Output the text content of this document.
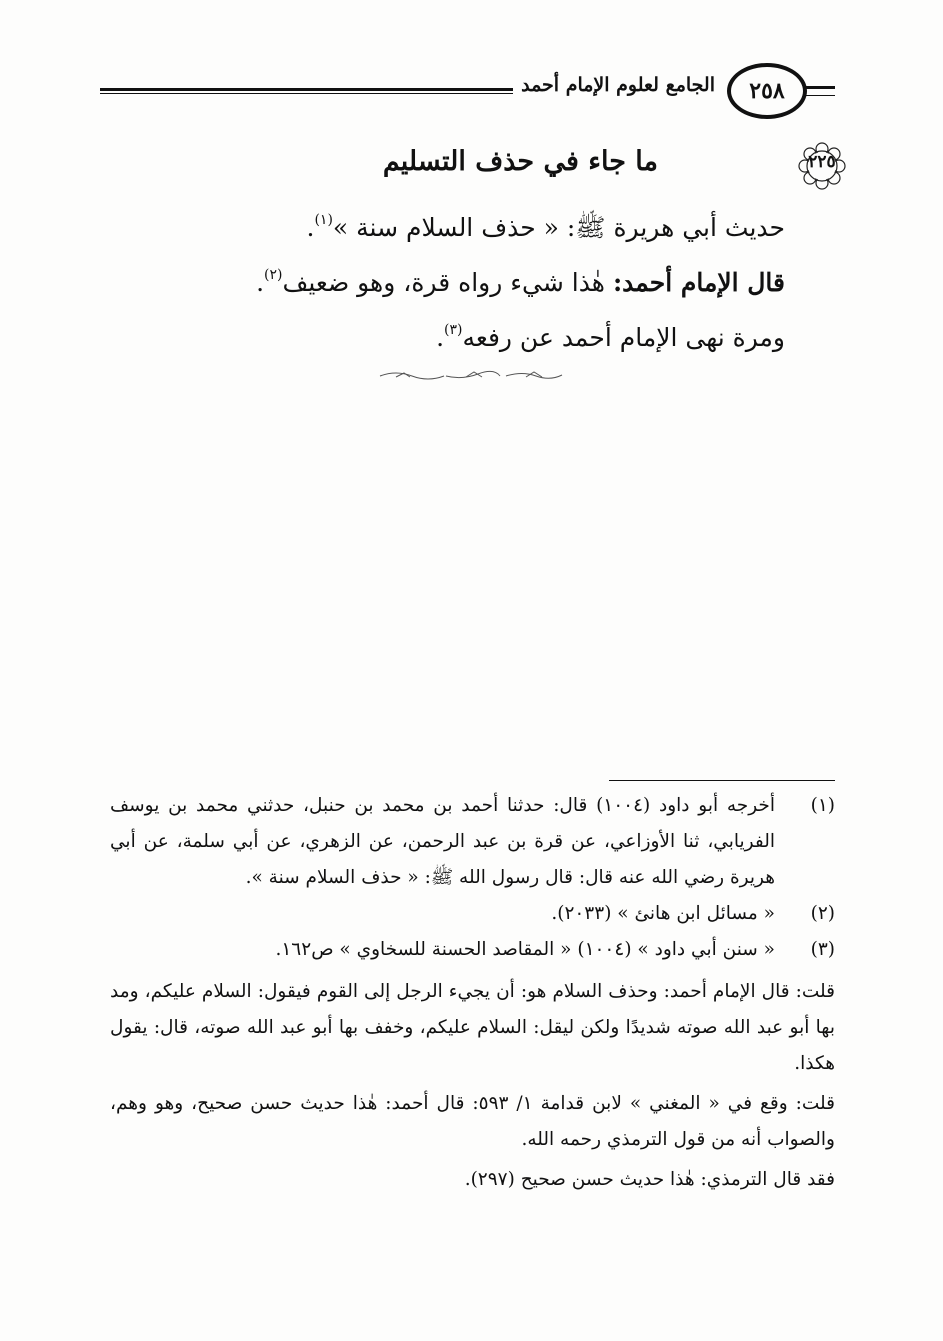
الجامع لعلوم الإمام أحمد	٢٥٨
٢٢٥
ما جاء في حذف التسليم

حديث أبي هريرة ﷺ: « حذف السلام سنة »$^{(١)}$.

قال الإمام أحمد: هٰذا شيء رواه قرة، وهو ضعيف$^{(٢)}$.

ومرة نهى الإمام أحمد عن رفعه$^{(٣)}$.

(١)
أخرجه أبو داود (١٠٠٤) قال: حدثنا أحمد بن محمد بن حنبل، حدثني محمد بن يوسف الفريابي، ثنا الأوزاعي، عن قرة بن عبد الرحمن، عن الزهري، عن أبي سلمة، عن أبي هريرة رضي الله عنه قال: قال رسول الله ﷺ: « حذف السلام سنة ».
(٢)
« مسائل ابن هانئ » (٢٠٣٣).
(٣)
« سنن أبي داود » (١٠٠٤) « المقاصد الحسنة للسخاوي » ص١٦٢.

قلت: قال الإمام أحمد: وحذف السلام هو: أن يجيء الرجل إلى القوم فيقول: السلام عليكم، ومد بها أبو عبد الله صوته شديدًا ولكن ليقل: السلام عليكم، وخفف بها أبو عبد الله صوته، قال: يقول هكذا.

قلت: وقع في « المغني » لابن قدامة ١/ ٥٩٣: قال أحمد: هٰذا حديث حسن صحيح، وهو وهم، والصواب أنه من قول الترمذي رحمه الله.

فقد قال الترمذي: هٰذا حديث حسن صحيح (٢٩٧).
